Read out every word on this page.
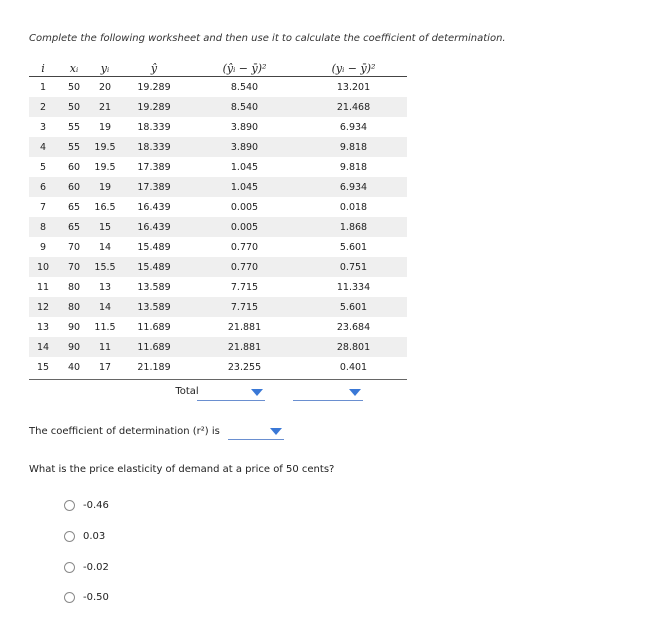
Complete the following worksheet and then use it to calculate the coefficient of determination.
i	xᵢ	yᵢ	ŷ	(ŷᵢ − ȳ)²	(yᵢ − ȳ)²
1	50	20	19.289	8.540	13.201
2	50	21	19.289	8.540	21.468
3	55	19	18.339	3.890	6.934
4	55	19.5	18.339	3.890	9.818
5	60	19.5	17.389	1.045	9.818
6	60	19	17.389	1.045	6.934
7	65	16.5	16.439	0.005	0.018
8	65	15	16.439	0.005	1.868
9	70	14	15.489	0.770	5.601
10	70	15.5	15.489	0.770	0.751
11	80	13	13.589	7.715	11.334
12	80	14	13.589	7.715	5.601
13	90	11.5	11.689	21.881	23.684
14	90	11	11.689	21.881	28.801
15	40	17	21.189	23.255	0.401
Total
The coefficient of determination (r²) is
What is the price elasticity of demand at a price of 50 cents?
-0.46
0.03
-0.02
-0.50
